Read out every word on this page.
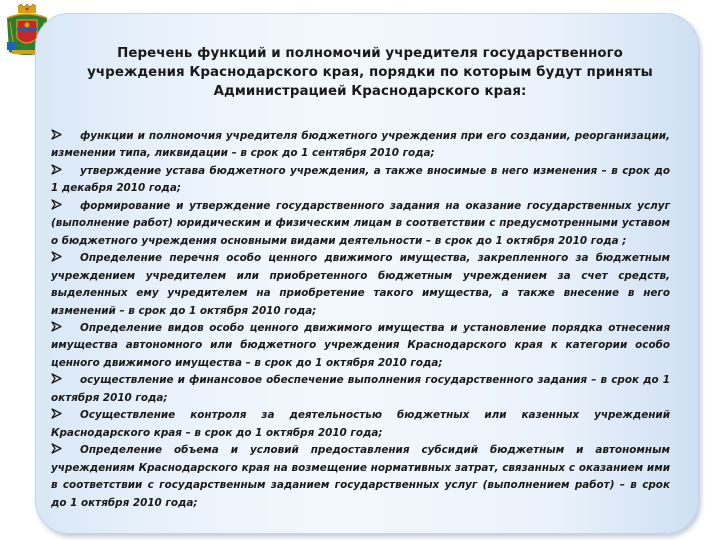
Перечень функций и полномочий учредителя государственного
учреждения Краснодарского края, порядки по которым будут приняты
Администрацией Краснодарского края:

функции и полномочия учредителя бюджетного учреждения при его создании, реорганизации, изменении типа, ликвидации – в срок до 1 сентября 2010 года;

утверждение устава бюджетного учреждения, а также вносимые в него изменения – в срок до 1 декабря 2010 года;

формирование и утверждение государственного задания на оказание государственных услуг (выполнение работ) юридическим и физическим лицам в соответствии с предусмотренными уставом о бюджетного учреждения основными видами деятельности – в срок до 1 октября 2010 года ;

Определение перечня особо ценного движимого имущества, закрепленного за бюджетным учреждением учредителем или приобретенного бюджетным учреждением за счет средств, выделенных ему учредителем на приобретение такого имущества, а также внесение в него изменений – в срок до 1 октября 2010 года;

Определение видов особо ценного движимого имущества и установление порядка отнесения имущества автономного или бюджетного учреждения Краснодарского края к категории особо ценного движимого имущества – в срок до 1 октября 2010 года;

осуществление и финансовое обеспечение выполнения государственного задания – в срок до 1 октября 2010 года;

Осуществление контроля за деятельностью бюджетных или казенных учреждений Краснодарского края – в срок до 1 октября 2010 года;

Определение объема и условий предоставления субсидий бюджетным и автономным учреждениям Краснодарского края на возмещение нормативных затрат, связанных с оказанием ими в соответствии с государственным заданием государственных услуг (выполнением работ) – в срок до 1 октября 2010 года;
